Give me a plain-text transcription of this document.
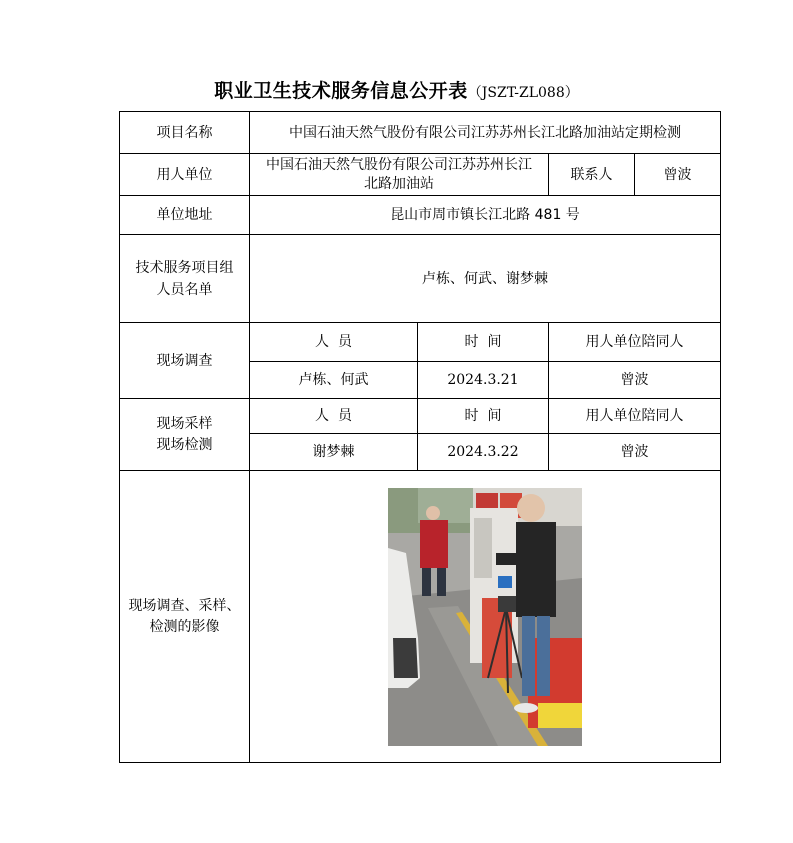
职业卫生技术服务信息公开表（JSZT-ZL088）
项目名称	中国石油天然气股份有限公司江苏苏州长江北路加油站定期检测			
用人单位	中国石油天然气股份有限公司江苏苏州长江北路加油站		联系人	曾波
单位地址	昆山市周市镇长江北路 481 号			
技术服务项目组人员名单	卢栋、何武、谢梦棘			
现场调查	人  员	时  间	用人单位陪同人	
	卢栋、何武	2024.3.21	曾波	
现场采样
现场检测	人  员	时  间	用人单位陪同人	
	谢梦棘	2024.3.22	曾波	
现场调查、采样、检测的影像	
